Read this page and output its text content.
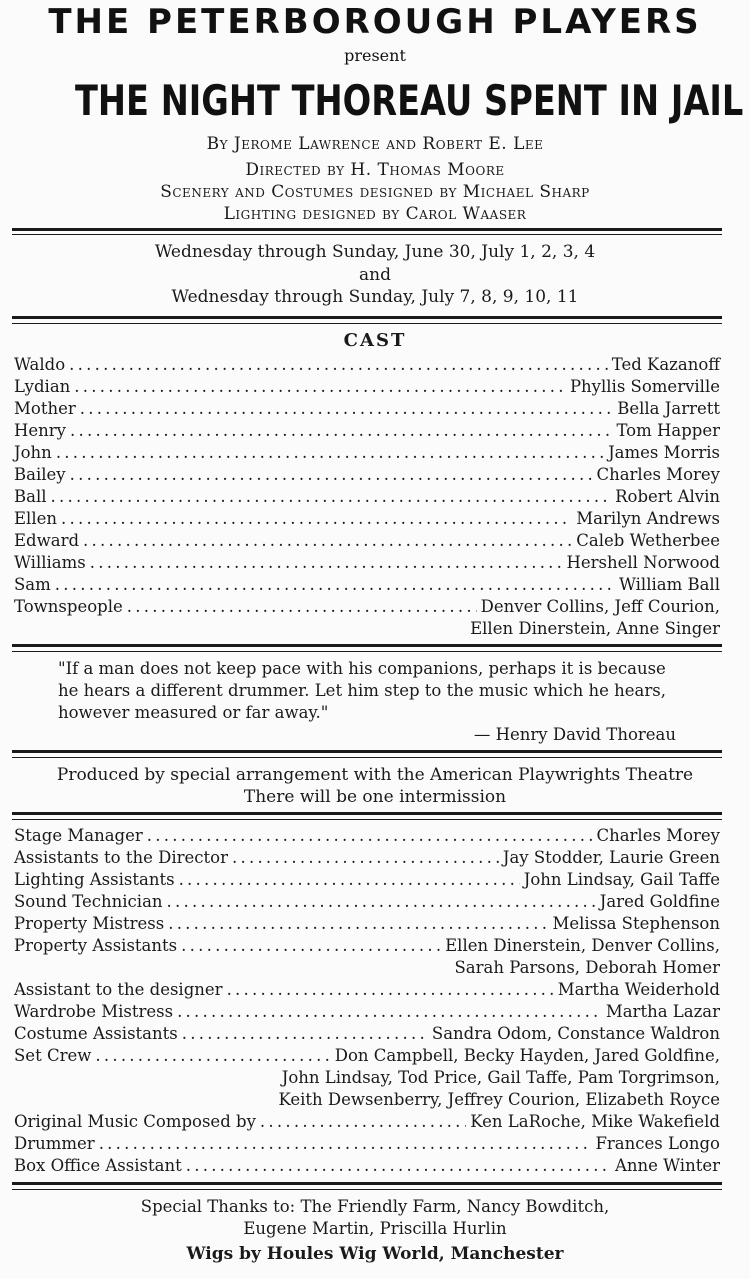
THE PETERBOROUGH PLAYERS
present
THE NIGHT THOREAU SPENT IN JAIL
By Jerome Lawrence and Robert E. Lee
Directed by H. Thomas Moore
Scenery and Costumes designed by Michael Sharp
Lighting designed by Carol Waaser
Wednesday through Sunday, June 30, July 1, 2, 3, 4
and
Wednesday through Sunday, July 7, 8, 9, 10, 11
CAST
Waldo . . .	Ted Kazanoff
Lydian . . .	Phyllis Somerville
Mother . . .	Bella Jarrett
Henry . . .	Tom Happer
John . . .	James Morris
Bailey . . .	Charles Morey
Ball . . .	Robert Alvin
Ellen . . .	Marilyn Andrews
Edward . . .	Caleb Wetherbee
Williams . . .	Hershell Norwood
Sam . . .	William Ball
Townspeople . . .	Denver Collins, Jeff Courion,
Ellen Dinerstein, Anne Singer
"If a man does not keep pace with his companions, perhaps it is because he hears a different drummer. Let him step to the music which he hears, however measured or far away."
— Henry David Thoreau
Produced by special arrangement with the American Playwrights Theatre
There will be one intermission
Stage Manager . . .	Charles Morey
Assistants to the Director . . .	Jay Stodder, Laurie Green
Lighting Assistants . . .	John Lindsay, Gail Taffe
Sound Technician . . .	Jared Goldfine
Property Mistress . . .	Melissa Stephenson
Property Assistants . . .	Ellen Dinerstein, Denver Collins,
Sarah Parsons, Deborah Homer
Assistant to the designer . . .	Martha Weiderhold
Wardrobe Mistress . . .	Martha Lazar
Costume Assistants . . .	Sandra Odom, Constance Waldron
Set Crew . . .	Don Campbell, Becky Hayden, Jared Goldfine,
John Lindsay, Tod Price, Gail Taffe, Pam Torgrimson,
Keith Dewsenberry, Jeffrey Courion, Elizabeth Royce
Original Music Composed by . . .	Ken LaRoche, Mike Wakefield
Drummer . . .	Frances Longo
Box Office Assistant . . .	Anne Winter
Special Thanks to: The Friendly Farm, Nancy Bowditch,
Eugene Martin, Priscilla Hurlin
Wigs by Houles Wig World, Manchester
